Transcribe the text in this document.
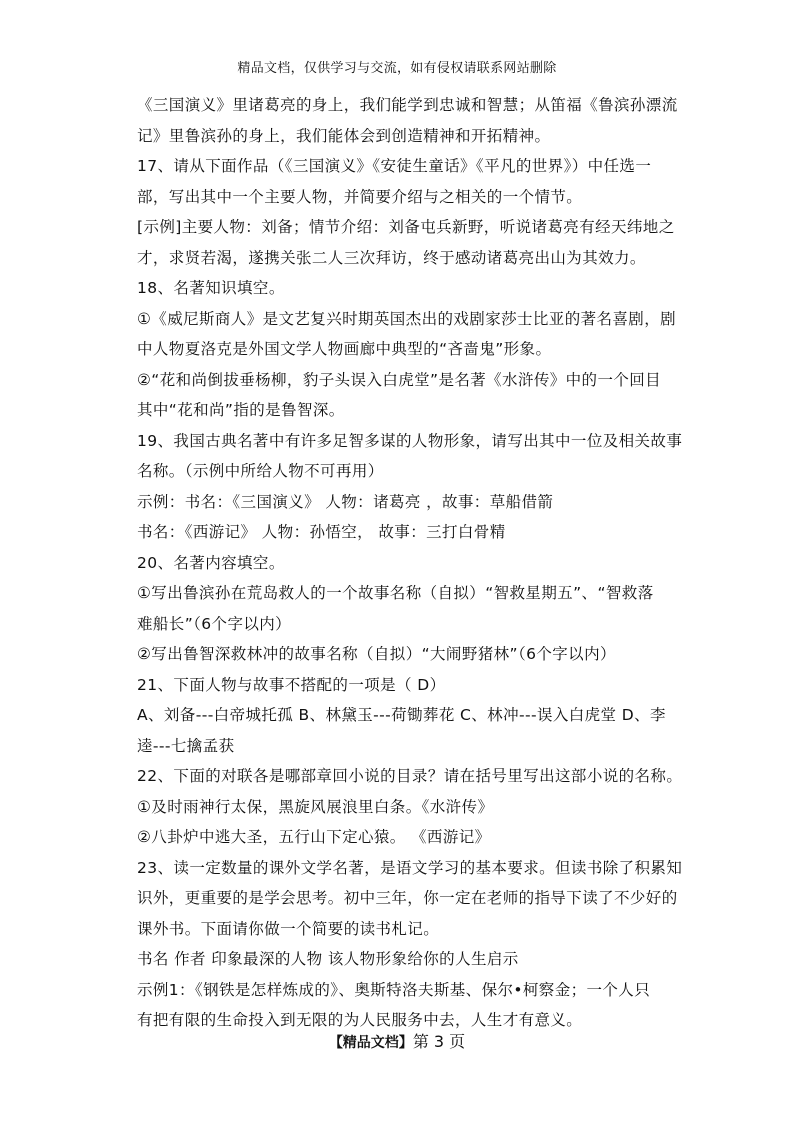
精品文档，仅供学习与交流，如有侵权请联系网站删除
《三国演义》里诸葛亮的身上，我们能学到忠诚和智慧；从笛福《鲁滨孙漂流
记》里鲁滨孙的身上，我们能体会到创造精神和开拓精神。
17、请从下面作品（《三国演义》《安徒生童话》《平凡的世界》）中任选一
部，写出其中一个主要人物，并简要介绍与之相关的一个情节。
[示例]主要人物：刘备；情节介绍：刘备屯兵新野，听说诸葛亮有经天纬地之
才，求贤若渴，遂携关张二人三次拜访，终于感动诸葛亮出山为其效力。
18、名著知识填空。
①《威尼斯商人》是文艺复兴时期英国杰出的戏剧家莎士比亚的著名喜剧，剧
中人物夏洛克是外国文学人物画廊中典型的“吝啬鬼”形象。
②“花和尚倒拔垂杨柳，豹子头误入白虎堂”是名著《水浒传》中的一个回目
其中“花和尚”指的是鲁智深。
19、我国古典名著中有许多足智多谋的人物形象，请写出其中一位及相关故事
名称。（示例中所给人物不可再用）
示例：书名：《三国演义》 人物：诸葛亮 ，故事：草船借箭
书名：《西游记》 人物：孙悟空， 故事：三打白骨精
20、名著内容填空。
①写出鲁滨孙在荒岛救人的一个故事名称（自拟）“智救星期五”、“智救落
难船长”（6个字以内）
②写出鲁智深救林冲的故事名称（自拟）“大闹野猪林”（6个字以内）
21、下面人物与故事不搭配的一项是（ D）
A、刘备---白帝城托孤 B、林黛玉---荷锄葬花 C、林冲---误入白虎堂 D、李
逵---七擒孟获
22、下面的对联各是哪部章回小说的目录？请在括号里写出这部小说的名称。
①及时雨神行太保，黑旋风展浪里白条。《水浒传》
②八卦炉中逃大圣，五行山下定心猿。 《西游记》
23、读一定数量的课外文学名著，是语文学习的基本要求。但读书除了积累知
识外，更重要的是学会思考。初中三年，你一定在老师的指导下读了不少好的
课外书。下面请你做一个简要的读书札记。
书名 作者 印象最深的人物 该人物形象给你的人生启示
示例1：《钢铁是怎样炼成的》、奥斯特洛夫斯基、保尔•柯察金；一个人只
有把有限的生命投入到无限的为人民服务中去，人生才有意义。
【精品文档】第 3 页
